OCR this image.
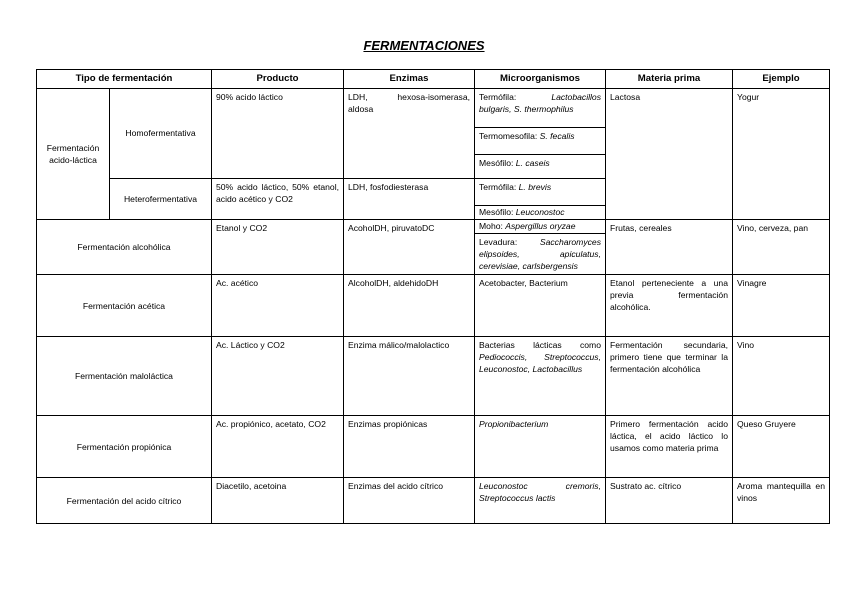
FERMENTACIONES
Tipo de fermentación		Producto	Enzimas	Microorganismos	Materia prima	Ejemplo
Fermentación acido-láctica	Homofermentativa	90% acido láctico	LDH, hexosa-isomerasa, aldosa	Termófila: Lactobacillos bulgaris, S. thermophilus	Lactosa	Yogur
				Termomesofila: S. fecalis		
				Mesófilo: L. caseis		
	Heterofermentativa	50% acido láctico, 50% etanol, acido acético y CO2	LDH, fosfodiesterasa	Termófila: L. brevis		
				Mesófilo: Leuconostoc		
Fermentación alcohólica		Etanol y CO2	AcoholDH, piruvatoDC	Moho: Aspergillus oryzae	Frutas, cereales	Vino, cerveza, pan
				Levadura: Saccharomyces elipsoides, apiculatus, cerevisiae, carlsbergensis		
Fermentación acética		Ac. acético	AlcoholDH, aldehidoDH	Acetobacter, Bacterium	Etanol perteneciente a una previa fermentación alcohólica.	Vinagre
Fermentación maloláctica		Ac. Láctico y CO2	Enzima málico/malolactico	Bacterias lácticas como Pediococcis, Streptococcus, Leuconostoc, Lactobacillus	Fermentación secundaria, primero tiene que terminar la fermentación alcohólica	Vino
Fermentación propiónica		Ac. propiónico, acetato, CO2	Enzimas propiónicas	Propionibacterium	Primero fermentación acido láctica, el acido láctico lo usamos como materia prima	Queso Gruyere
Fermentación del acido cítrico		Diacetilo, acetoina	Enzimas del acido cítrico	Leuconostoc cremoris, Streptococcus lactis	Sustrato ac. cítrico	Aroma mantequilla en vinos
